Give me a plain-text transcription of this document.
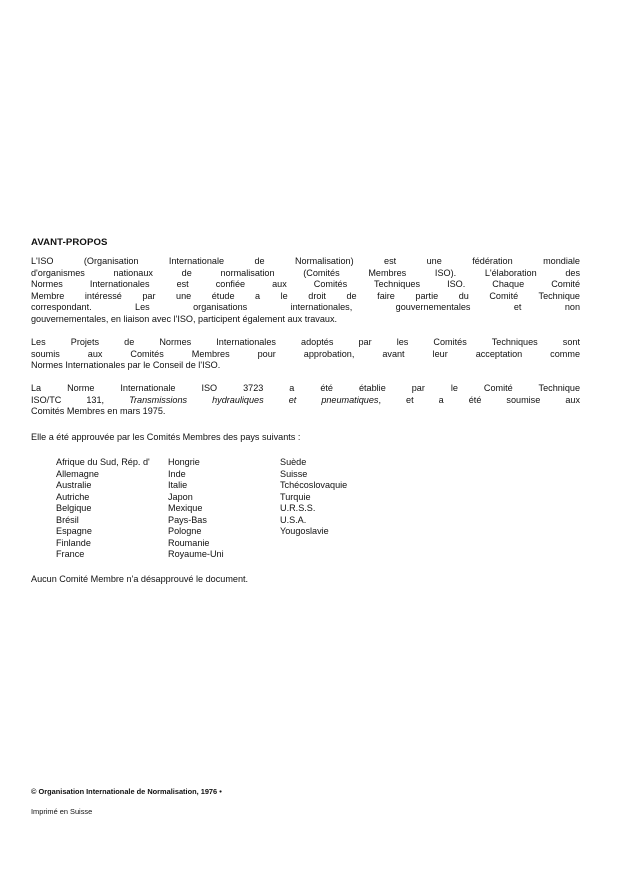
AVANT-PROPOS
L'ISO (Organisation Internationale de Normalisation) est une fédération mondiale
d'organismes nationaux de normalisation (Comités Membres ISO). L'élaboration des
Normes Internationales est confiée aux Comités Techniques ISO. Chaque Comité
Membre intéressé par une étude a le droit de faire partie du Comité Technique
correspondant. Les organisations internationales, gouvernementales et non
gouvernementales, en liaison avec l'ISO, participent également aux travaux.
Les Projets de Normes Internationales adoptés par les Comités Techniques sont
soumis aux Comités Membres pour approbation, avant leur acceptation comme
Normes Internationales par le Conseil de l'ISO.
La Norme Internationale ISO 3723 a été établie par le Comité Technique
ISO/TC 131, Transmissions hydrauliques et pneumatiques, et a été soumise aux
Comités Membres en mars 1975.
Elle a été approuvée par les Comités Membres des pays suivants :
Afrique du Sud, Rép. d'
Allemagne
Australie
Autriche
Belgique
Brésil
Espagne
Finlande
France
Hongrie
Inde
Italie
Japon
Mexique
Pays-Bas
Pologne
Roumanie
Royaume-Uni
Suède
Suisse
Tchécoslovaquie
Turquie
U.R.S.S.
U.S.A.
Yougoslavie
Aucun Comité Membre n'a désapprouvé le document.
© Organisation Internationale de Normalisation, 1976 •
Imprimé en Suisse
